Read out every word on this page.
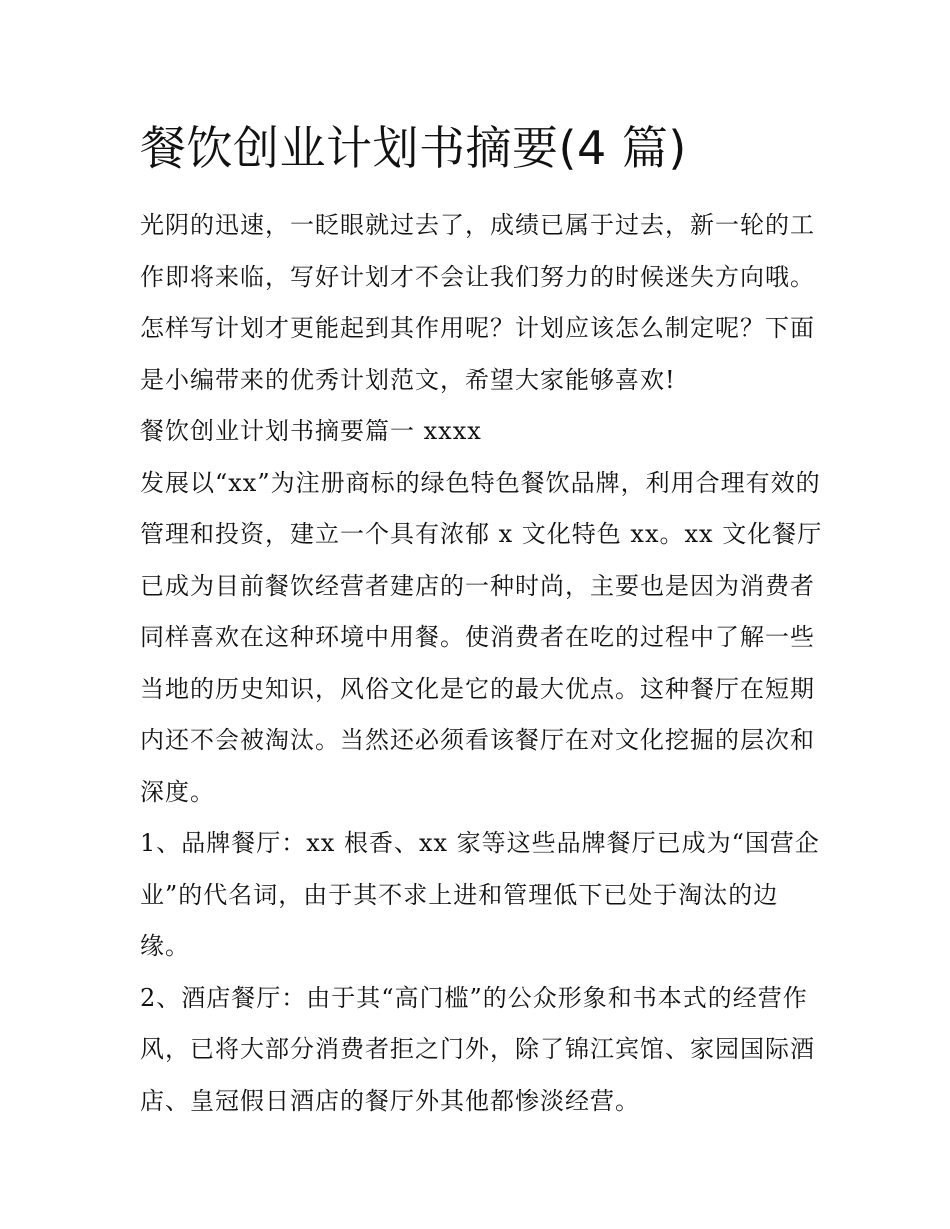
餐饮创业计划书摘要(4 篇)
光阴的迅速，一眨眼就过去了，成绩已属于过去，新一轮的工
作即将来临，写好计划才不会让我们努力的时候迷失方向哦。
怎样写计划才更能起到其作用呢？计划应该怎么制定呢？下面
是小编带来的优秀计划范文，希望大家能够喜欢!
餐饮创业计划书摘要篇一 xxxx
发展以“xx”为注册商标的绿色特色餐饮品牌，利用合理有效的
管理和投资，建立一个具有浓郁 x 文化特色 xx。xx 文化餐厅
已成为目前餐饮经营者建店的一种时尚，主要也是因为消费者
同样喜欢在这种环境中用餐。使消费者在吃的过程中了解一些
当地的历史知识，风俗文化是它的最大优点。这种餐厅在短期
内还不会被淘汰。当然还必须看该餐厅在对文化挖掘的层次和
深度。
1、品牌餐厅：xx 根香、xx 家等这些品牌餐厅已成为“国营企
业”的代名词，由于其不求上进和管理低下已处于淘汰的边
缘。
2、酒店餐厅：由于其“高门槛”的公众形象和书本式的经营作
风，已将大部分消费者拒之门外，除了锦江宾馆、家园国际酒
店、皇冠假日酒店的餐厅外其他都惨淡经营。
